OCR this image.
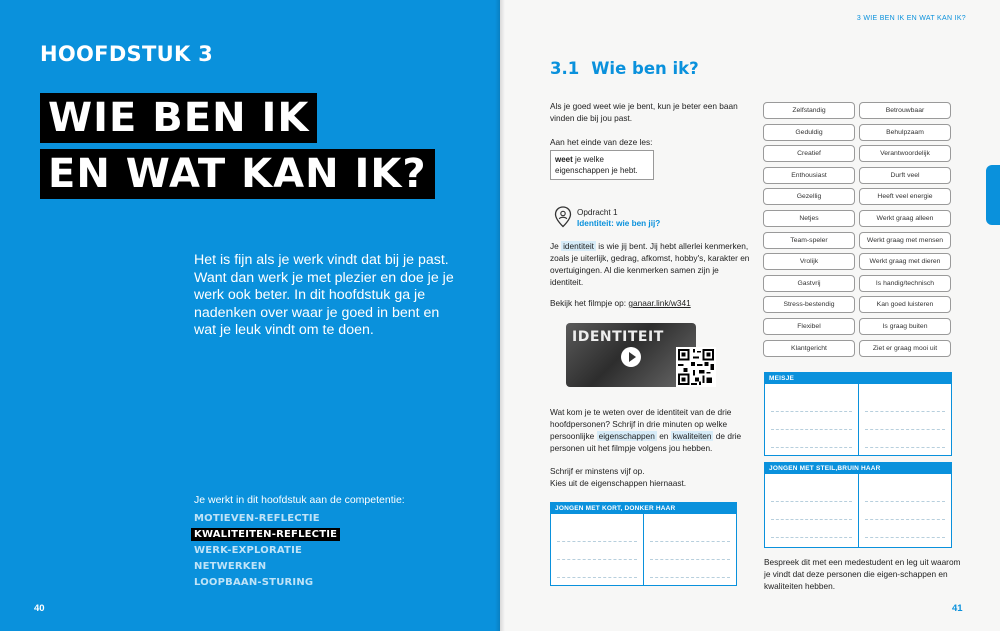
HOOFDSTUK 3
WIE BEN IK
EN WAT KAN IK?

Het is fijn als je werk vindt dat bij je past. Want dan werk je met plezier en doe je je werk ook beter. In dit hoofdstuk ga je nadenken over waar je goed in bent en wat je leuk vindt om te doen.

Je werkt in dit hoofdstuk aan de competentie:
MOTIEVEN-REFLECTIE
KWALITEITEN-REFLECTIE
WERK-EXPLORATIE
NETWERKEN
LOOPBAAN-STURING
40
3 WIE BEN IK EN WAT KAN IK?
3.1 Wie ben ik?

Als je goed weet wie je bent, kun je beter een baan vinden die bij jou past.

Aan het einde van deze les:

weet je welke eigenschappen je hebt.
Opdracht 1
Identiteit: wie ben jij?

Je identiteit is wie jij bent. Jij hebt allerlei kenmerken, zoals je uiterlijk, gedrag, afkomst, hobby's, karakter en overtuigingen. Al die kenmerken samen zijn je identiteit.

Bekijk het filmpje op: ganaar.link/w341

IDENTITEIT

Wat kom je te weten over de identiteit van de drie hoofdpersonen? Schrijf in drie minuten op welke persoonlijke eigenschappen en kwaliteiten de drie personen uit het filmpje volgens jou hebben.

Schrijf er minstens vijf op.
Kies uit de eigenschappen hiernaast.

JONGEN MET KORT, DONKER HAAR
Zelfstandig	Betrouwbaar
Geduldig	Behulpzaam
Creatief	Verantwoordelijk
Enthousiast	Durft veel
Gezellig	Heeft veel energie
Netjes	Werkt graag alleen
Team-speler	Werkt graag met mensen
Vrolijk	Werkt graag met dieren
Gastvrij	Is handig/technisch
Stress-bestendig	Kan goed luisteren
Flexibel	Is graag buiten
Klantgericht	Ziet er graag mooi uit
MEISJE
JONGEN MET STEIL,BRUIN HAAR

Bespreek dit met een medestudent en leg uit waarom je vindt dat deze personen die eigen-schappen en kwaliteiten hebben.

41
